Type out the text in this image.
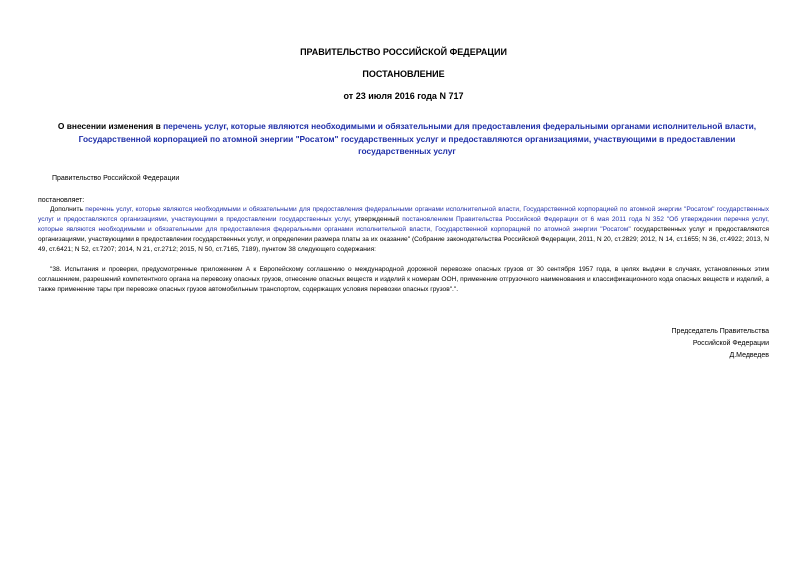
ПРАВИТЕЛЬСТВО РОССИЙСКОЙ ФЕДЕРАЦИИ
ПОСТАНОВЛЕНИЕ
от 23 июля 2016 года N 717
О внесении изменения в перечень услуг, которые являются необходимыми и обязательными для предоставления федеральными органами исполнительной власти, Государственной корпорацией по атомной энергии "Росатом" государственных услуг и предоставляются организациями, участвующими в предоставлении государственных услуг
Правительство Российской Федерации
постановляет:
Дополнить перечень услуг, которые являются необходимыми и обязательными для предоставления федеральными органами исполнительной власти, Государственной корпорацией по атомной энергии "Росатом" государственных услуг и предоставляются организациями, участвующими в предоставлении государственных услуг, утвержденный постановлением Правительства Российской Федерации от 6 мая 2011 года N 352 "Об утверждении перечня услуг, которые являются необходимыми и обязательными для предоставления федеральными органами исполнительной власти, Государственной корпорацией по атомной энергии "Росатом" государственных услуг и предоставляются организациями, участвующими в предоставлении государственных услуг, и определении размера платы за их оказание" (Собрание законодательства Российской Федерации, 2011, N 20, ст.2829; 2012, N 14, ст.1655; N 36, ст.4922; 2013, N 49, ст.6421; N 52, ст.7207; 2014, N 21, ст.2712; 2015, N 50, ст.7165, 7189), пунктом 38 следующего содержания:
"38. Испытания и проверки, предусмотренные приложением А к Европейскому соглашению о международной дорожной перевозке опасных грузов от 30 сентября 1957 года, в целях выдачи в случаях, установленных этим соглашением, разрешений компетентного органа на перевозку опасных грузов, отнесение опасных веществ и изделий к номерам ООН, применение отгрузочного наименования и классификационного кода опасных веществ и изделий, а также применение тары при перевозке опасных грузов автомобильным транспортом, содержащих условия перевозки опасных грузов".".
Председатель Правительства
Российской Федерации
Д.Медведев
